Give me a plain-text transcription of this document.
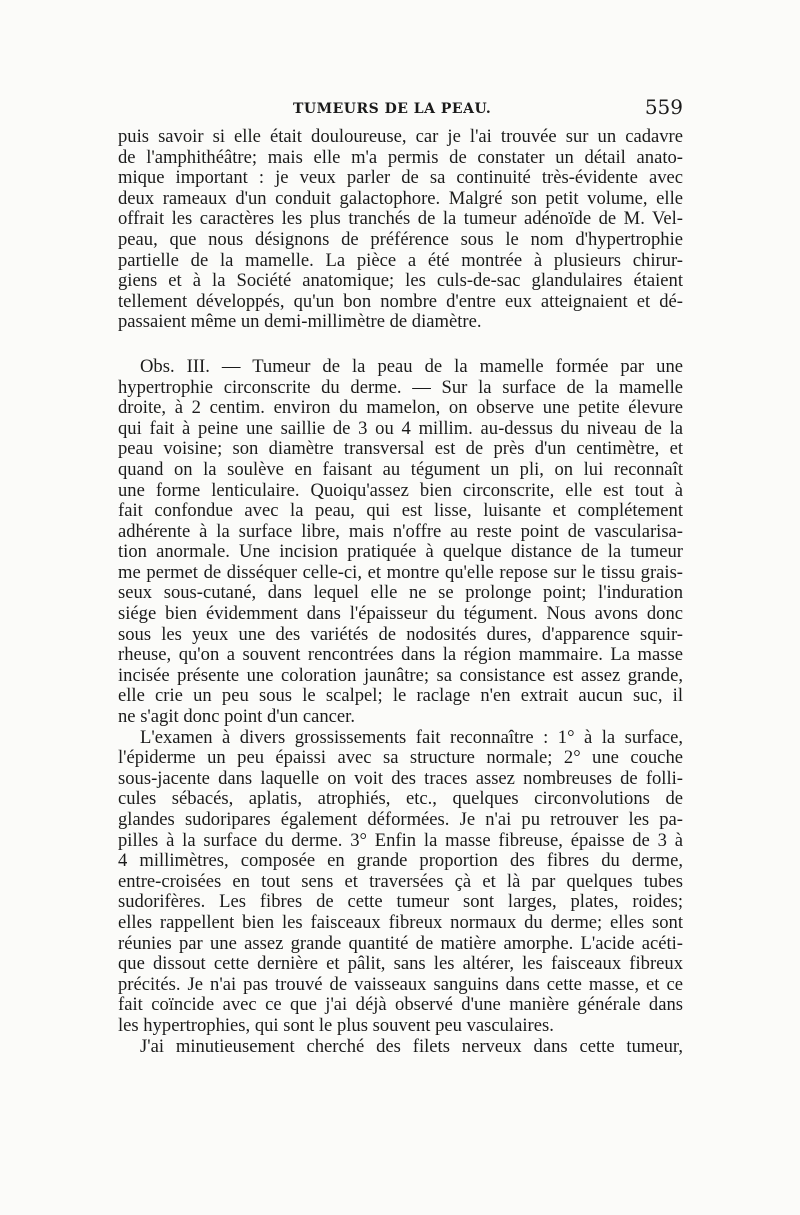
TUMEURS DE LA PEAU.	559
puis savoir si elle était douloureuse, car je l'ai trouvée sur un cadavre
de l'amphithéâtre; mais elle m'a permis de constater un détail anato-
mique important : je veux parler de sa continuité très-évidente avec
deux rameaux d'un conduit galactophore. Malgré son petit volume, elle
offrait les caractères les plus tranchés de la tumeur adénoïde de M. Vel-
peau, que nous désignons de préférence sous le nom d'hypertrophie
partielle de la mamelle. La pièce a été montrée à plusieurs chirur-
giens et à la Société anatomique; les culs-de-sac glandulaires étaient
tellement développés, qu'un bon nombre d'entre eux atteignaient et dé-
passaient même un demi-millimètre de diamètre.
Obs. III. — Tumeur de la peau de la mamelle formée par une
hypertrophie circonscrite du derme. — Sur la surface de la mamelle
droite, à 2 centim. environ du mamelon, on observe une petite élevure
qui fait à peine une saillie de 3 ou 4 millim. au-dessus du niveau de la
peau voisine; son diamètre transversal est de près d'un centimètre, et
quand on la soulève en faisant au tégument un pli, on lui reconnaît
une forme lenticulaire. Quoiqu'assez bien circonscrite, elle est tout à
fait confondue avec la peau, qui est lisse, luisante et complétement
adhérente à la surface libre, mais n'offre au reste point de vascularisa-
tion anormale. Une incision pratiquée à quelque distance de la tumeur
me permet de disséquer celle-ci, et montre qu'elle repose sur le tissu grais-
seux sous-cutané, dans lequel elle ne se prolonge point; l'induration
siége bien évidemment dans l'épaisseur du tégument. Nous avons donc
sous les yeux une des variétés de nodosités dures, d'apparence squir-
rheuse, qu'on a souvent rencontrées dans la région mammaire. La masse
incisée présente une coloration jaunâtre; sa consistance est assez grande,
elle crie un peu sous le scalpel; le raclage n'en extrait aucun suc, il
ne s'agit donc point d'un cancer.
L'examen à divers grossissements fait reconnaître : 1° à la surface,
l'épiderme un peu épaissi avec sa structure normale; 2° une couche
sous-jacente dans laquelle on voit des traces assez nombreuses de folli-
cules sébacés, aplatis, atrophiés, etc., quelques circonvolutions de
glandes sudoripares également déformées. Je n'ai pu retrouver les pa-
pilles à la surface du derme. 3° Enfin la masse fibreuse, épaisse de 3 à
4 millimètres, composée en grande proportion des fibres du derme,
entre-croisées en tout sens et traversées çà et là par quelques tubes
sudorifères. Les fibres de cette tumeur sont larges, plates, roides;
elles rappellent bien les faisceaux fibreux normaux du derme; elles sont
réunies par une assez grande quantité de matière amorphe. L'acide acéti-
que dissout cette dernière et pâlit, sans les altérer, les faisceaux fibreux
précités. Je n'ai pas trouvé de vaisseaux sanguins dans cette masse, et ce
fait coïncide avec ce que j'ai déjà observé d'une manière générale dans
les hypertrophies, qui sont le plus souvent peu vasculaires.
J'ai minutieusement cherché des filets nerveux dans cette tumeur,
